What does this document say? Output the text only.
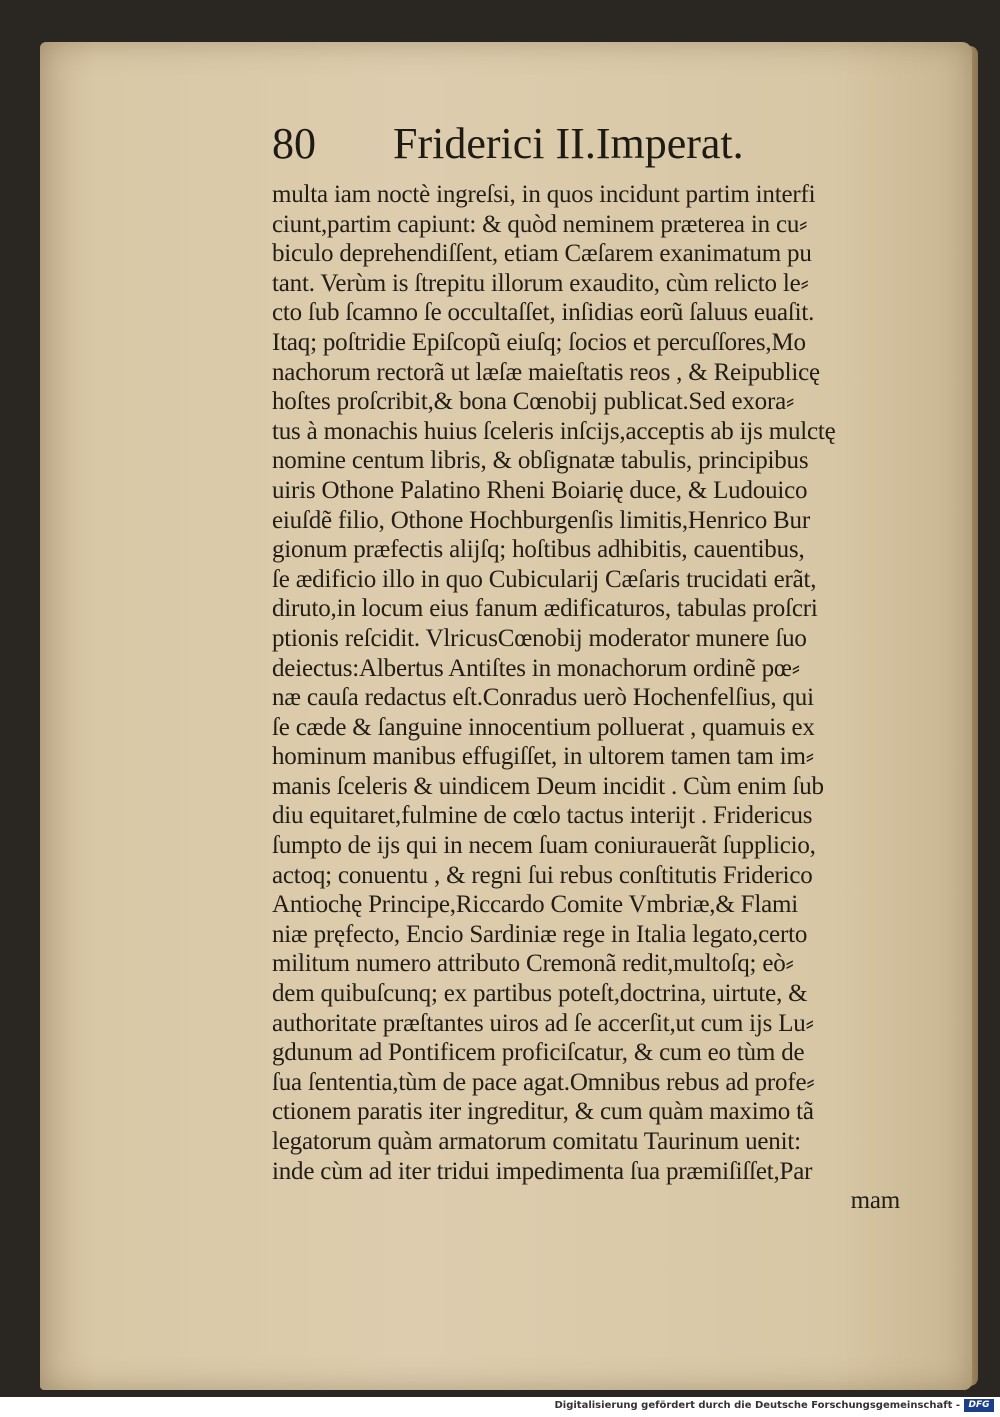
80 Friderici II.Imperat.
multa iam noctè ingreſsi, in quos incidunt partim interfi
ciunt,partim capiunt: & quòd neminem præterea in cu⸗
biculo deprehendiſſent, etiam Cæſarem exanimatum pu
tant. Verùm is ſtrepitu illorum exaudito, cùm relicto le⸗
cto ſub ſcamno ſe occultaſſet, inſidias eorũ ſaluus euaſit.
Itaq; poſtridie Epiſcopũ eiuſq; ſocios et percuſſores,Mo
nachorum rectorã ut læſæ maieſtatis reos , & Reipublicę
hoſtes proſcribit,& bona Cœnobij publicat.Sed exora⸗
tus à monachis huius ſceleris inſcijs,acceptis ab ijs mulctę
nomine centum libris, & obſignatæ tabulis, principibus
uiris Othone Palatino Rheni Boiarię duce, & Ludouico
eiuſdẽ filio, Othone Hochburgenſis limitis,Henrico Bur
gionum præfectis alijſq; hoſtibus adhibitis, cauentibus,
ſe ædificio illo in quo Cubicularij Cæſaris trucidati erãt,
diruto,in locum eius fanum ædificaturos, tabulas proſcri
ptionis reſcidit. VlricusCœnobij moderator munere ſuo
deiectus:Albertus Antiſtes in monachorum ordinẽ pœ⸗
næ cauſa redactus eſt.Conradus uerò Hochenfelſius, qui
ſe cæde & ſanguine innocentium polluerat , quamuis ex
hominum manibus effugiſſet, in ultorem tamen tam im⸗
manis ſceleris & uindicem Deum incidit . Cùm enim ſub
diu equitaret,fulmine de cœlo tactus interijt . Fridericus
ſumpto de ijs qui in necem ſuam coniurauerãt ſupplicio,
actoq; conuentu , & regni ſui rebus conſtitutis Friderico
Antiochę Principe,Riccardo Comite Vmbriæ,& Flami
niæ pręfecto, Encio Sardiniæ rege in Italia legato,certo
militum numero attributo Cremonã redit,multoſq; eò⸗
dem quibuſcunq; ex partibus poteſt,doctrina, uirtute, &
authoritate præſtantes uiros ad ſe accerſit,ut cum ijs Lu⸗
gdunum ad Pontificem proficiſcatur, & cum eo tùm de
ſua ſententia,tùm de pace agat.Omnibus rebus ad profe⸗
ctionem paratis iter ingreditur, & cum quàm maximo tã
legatorum quàm armatorum comitatu Taurinum uenit:
inde cùm ad iter tridui impedimenta ſua præmiſiſſet,Par
mam
Digitalisierung gefördert durch die Deutsche Forschungsgemeinschaft - DFG
